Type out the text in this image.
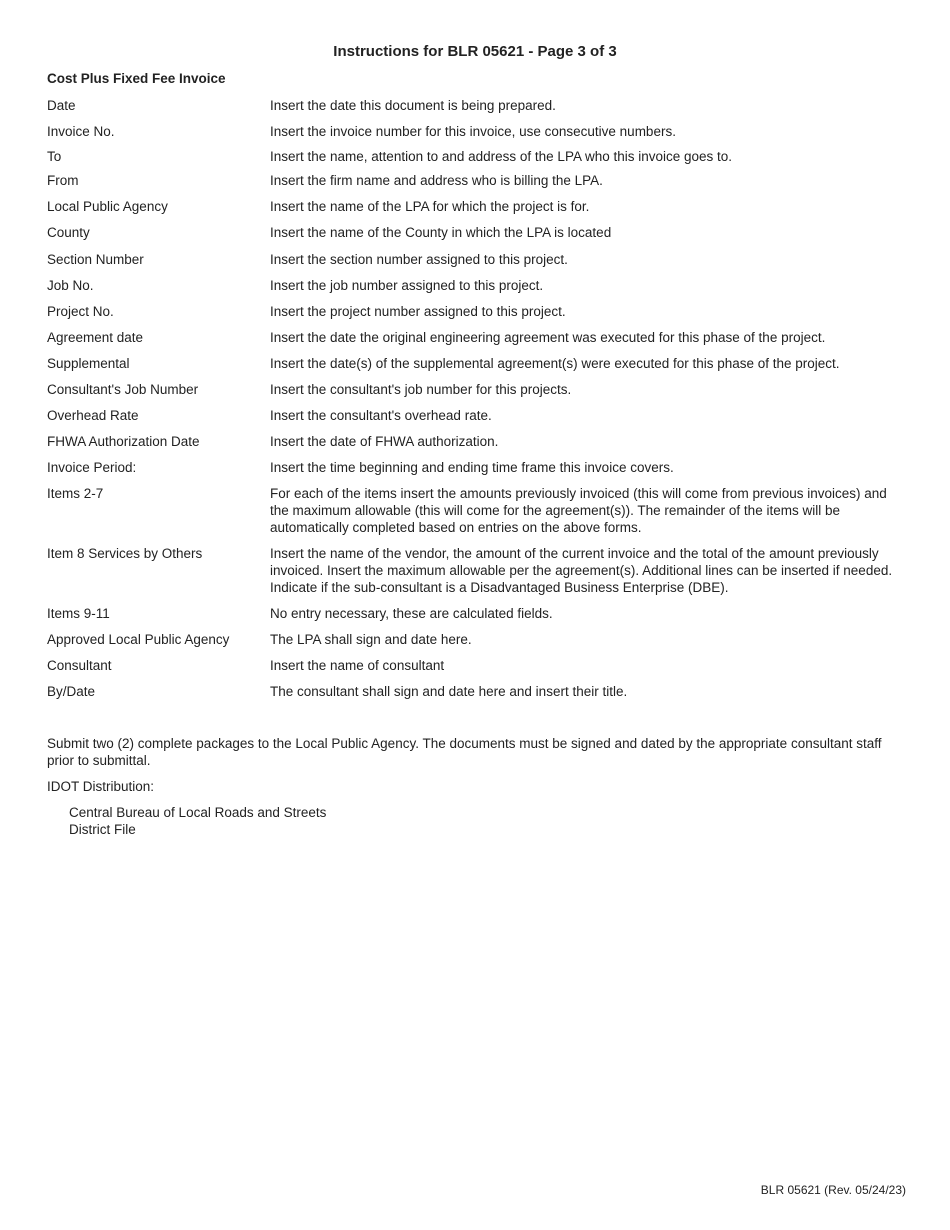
Instructions for BLR 05621 - Page 3 of 3
Cost Plus Fixed Fee Invoice
Date	Insert the date this document is being prepared.
Invoice No.	Insert the invoice number for this invoice, use consecutive numbers.
To	Insert the name, attention to and address of the LPA who this invoice goes to.
From	Insert the firm name and address who is billing the LPA.
Local Public Agency	Insert the name of the LPA for which the project is for.
County	Insert the name of the County in which the LPA is located
Section Number	Insert the section number assigned to this project.
Job No.	Insert the job number assigned to this project.
Project No.	Insert the project number assigned to this project.
Agreement date	Insert the date the original engineering agreement was executed for this phase of the project.
Supplemental	Insert the date(s) of the supplemental agreement(s) were executed for this phase of the project.
Consultant's Job Number	Insert the consultant's job number for this projects.
Overhead Rate	Insert the consultant's overhead rate.
FHWA Authorization Date	Insert the date of FHWA authorization.
Invoice Period:	Insert the time beginning and ending time frame this invoice covers.
Items 2-7	For each of the items insert the amounts previously invoiced (this will come from previous invoices) and the maximum allowable (this will come for the agreement(s)). The remainder of the items will be automatically completed based on entries on the above forms.
Item 8 Services by Others	Insert the name of the vendor, the amount of the current invoice and the total of the amount previously invoiced. Insert the maximum allowable per the agreement(s). Additional lines can be inserted if needed. Indicate if the sub-consultant is a Disadvantaged Business Enterprise (DBE).
Items 9-11	No entry necessary, these are calculated fields.
Approved Local Public Agency	The LPA shall sign and date here.
Consultant	Insert the name of consultant
By/Date	The consultant shall sign and date here and insert their title.
Submit two (2) complete packages to the Local Public Agency. The documents must be signed and dated by the appropriate consultant staff prior to submittal.
IDOT Distribution:
Central Bureau of Local Roads and Streets
District File
BLR 05621 (Rev. 05/24/23)
